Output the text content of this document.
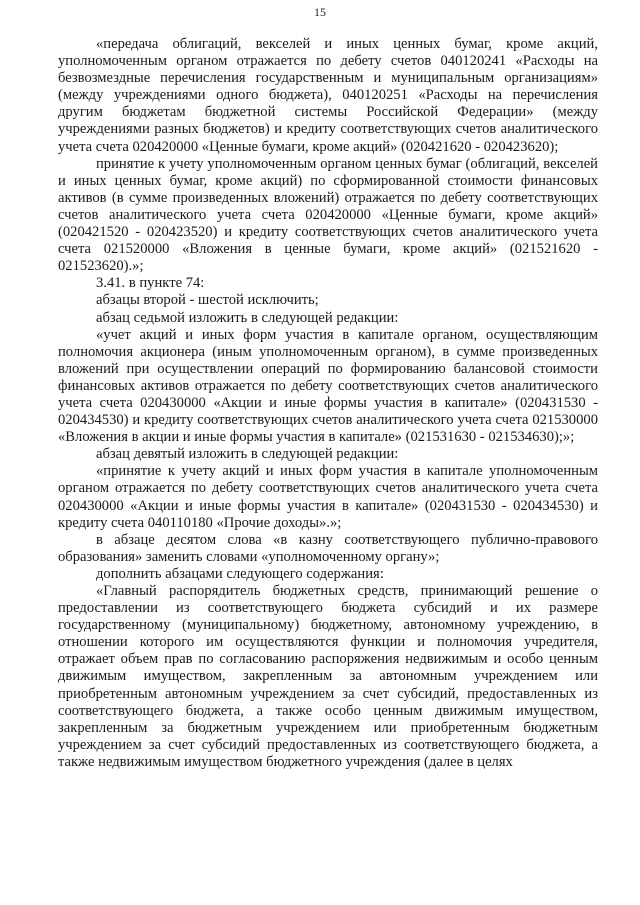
15

«передача облигаций, векселей и иных ценных бумаг, кроме акций, уполномоченным органом отражается по дебету счетов 040120241 «Расходы на безвозмездные перечисления государственным и муниципальным организациям» (между учреждениями одного бюджета), 040120251 «Расходы на перечисления другим бюджетам бюджетной системы Российской Федерации» (между учреждениями разных бюджетов) и кредиту соответствующих счетов аналитического учета счета 020420000 «Ценные бумаги, кроме акций» (020421620 - 020423620);

принятие к учету уполномоченным органом ценных бумаг (облигаций, векселей и иных ценных бумаг, кроме акций) по сформированной стоимости финансовых активов (в сумме произведенных вложений) отражается по дебету соответствующих счетов аналитического учета счета 020420000 «Ценные бумаги, кроме акций» (020421520 - 020423520) и кредиту соответствующих счетов аналитического учета счета 021520000 «Вложения в ценные бумаги, кроме акций» (021521620 - 021523620).»;

3.41. в пункте 74:

абзацы второй - шестой исключить;

абзац седьмой изложить в следующей редакции:

«учет акций и иных форм участия в капитале органом, осуществляющим полномочия акционера (иным уполномоченным органом), в сумме произведенных вложений при осуществлении операций по формированию балансовой стоимости финансовых активов отражается по дебету соответствующих счетов аналитического учета счета 020430000 «Акции и иные формы участия в капитале» (020431530 - 020434530) и кредиту соответствующих счетов аналитического учета счета 021530000 «Вложения в акции и иные формы участия в капитале» (021531630 - 021534630);»;

абзац девятый изложить в следующей редакции:

«принятие к учету акций и иных форм участия в капитале уполномоченным органом отражается по дебету соответствующих счетов аналитического учета счета 020430000 «Акции и иные формы участия в капитале» (020431530 - 020434530) и кредиту счета 040110180 «Прочие доходы».»;

в абзаце десятом слова «в казну соответствующего публично-правового образования» заменить словами «уполномоченному органу»;

дополнить абзацами следующего содержания:

«Главный распорядитель бюджетных средств, принимающий решение о предоставлении из соответствующего бюджета субсидий и их размере государственному (муниципальному) бюджетному, автономному учреждению, в отношении которого им осуществляются функции и полномочия учредителя, отражает объем прав по согласованию распоряжения недвижимым и особо ценным движимым имуществом, закрепленным за автономным учреждением или приобретенным автономным учреждением за счет субсидий, предоставленных из соответствующего бюджета, а также особо ценным движимым имуществом, закрепленным за бюджетным учреждением или приобретенным бюджетным учреждением за счет субсидий предоставленных из соответствующего бюджета, а также недвижимым имуществом бюджетного учреждения (далее в целях
